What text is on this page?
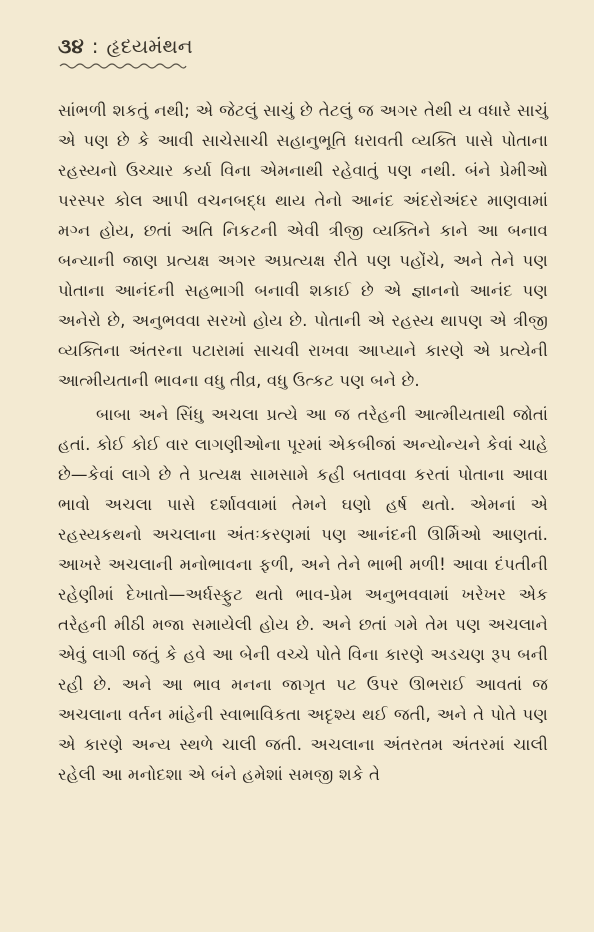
૩૪ : હૃદયમંથન

સાંભળી શકતું નથી; એ જેટલું સાચું છે તેટલું જ અગર તેથી ય વધારે સાચું એ પણ છે કે આવી સાચેસાચી સહાનુભૂતિ ધરાવતી વ્યક્તિ પાસે પોતાના રહસ્યનો ઉચ્ચાર કર્યા વિના એમનાથી રહેવાતું પણ નથી. બંને પ્રેમીઓ પરસ્પર કોલ આપી વચનબદ્ધ થાય તેનો આનંદ અંદરોઅંદર માણવામાં મગ્ન હોય, છતાં અતિ નિકટની એવી ત્રીજી વ્યક્તિને કાને આ બનાવ બન્યાની જાણ પ્રત્યક્ષ અગર અપ્રત્યક્ષ રીતે પણ પહોંચે, અને તેને પણ પોતાના આનંદની સહભાગી બનાવી શકાઈ છે એ જ્ઞાનનો આનંદ પણ અનેરો છે, અનુભવવા સરખો હોય છે. પોતાની એ રહસ્ય થાપણ એ ત્રીજી વ્યક્તિના અંતરના પટારામાં સાચવી રાખવા આપ્યાને કારણે એ પ્રત્યેની આત્મીયતાની ભાવના વધુ તીવ્ર, વધુ ઉત્કટ પણ બને છે.

બાબા અને સિંધુ અચલા પ્રત્યે આ જ તરેહની આત્મીયતાથી જોતાં હતાં. કોઈ કોઈ વાર લાગણીઓના પૂરમાં એકબીજાં અન્યોન્યને કેવાં ચાહે છે—કેવાં લાગે છે તે પ્રત્યક્ષ સામસામે કહી બતાવવા કરતાં પોતાના આવા ભાવો અચલા પાસે દર્શાવવામાં તેમને ઘણો હર્ષ થતો. એમનાં એ રહસ્યકથનો અચલાના અંતઃકરણમાં પણ આનંદની ઊર્મિઓ આણતાં. આખરે અચલાની મનોભાવના ફળી, અને તેને ભાભી મળી! આવા દંપતીની રહેણીમાં દેખાતો—અર્ધસ્ફુટ થતો ભાવ-પ્રેમ અનુભવવામાં ખરેખર એક તરેહની મીઠી મજા સમાયેલી હોય છે. અને છતાં ગમે તેમ પણ અચલાને એવું લાગી જતું કે હવે આ બેની વચ્ચે પોતે વિના કારણે અડચણ રૂપ બની રહી છે. અને આ ભાવ મનના જાગૃત પટ ઉપર ઊભરાઈ આવતાં જ અચલાના વર્તન માંહેની સ્વાભાવિકતા અદૃશ્ય થઈ જતી, અને તે પોતે પણ એ કારણે અન્ય સ્થળે ચાલી જતી. અચલાના અંતરતમ અંતરમાં ચાલી રહેલી આ મનોદશા એ બંને હમેશાં સમજી શકે તે
